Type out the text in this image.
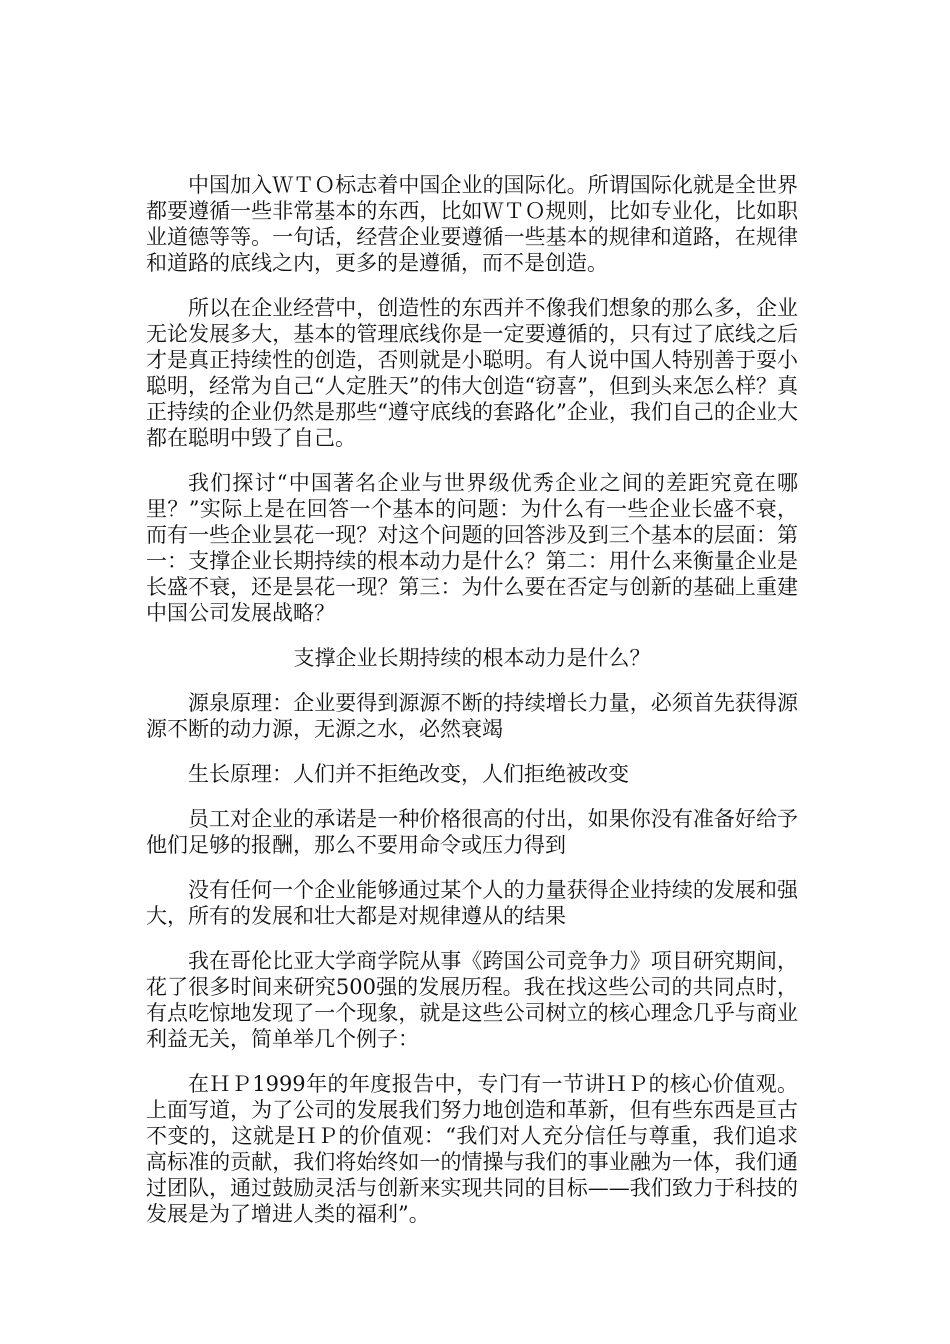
中国加入ＷＴＯ标志着中国企业的国际化。所谓国际化就是全世界都要遵循一些非常基本的东西，比如ＷＴＯ规则，比如专业化，比如职业道德等等。一句话，经营企业要遵循一些基本的规律和道路，在规律和道路的底线之内，更多的是遵循，而不是创造。

所以在企业经营中，创造性的东西并不像我们想象的那么多，企业无论发展多大，基本的管理底线你是一定要遵循的，只有过了底线之后才是真正持续性的创造，否则就是小聪明。有人说中国人特别善于耍小聪明，经常为自己“人定胜天”的伟大创造“窃喜”，但到头来怎么样？真正持续的企业仍然是那些“遵守底线的套路化”企业，我们自己的企业大都在聪明中毁了自己。

我们探讨“中国著名企业与世界级优秀企业之间的差距究竟在哪里？”实际上是在回答一个基本的问题：为什么有一些企业长盛不衰，而有一些企业昙花一现？对这个问题的回答涉及到三个基本的层面：第一：支撑企业长期持续的根本动力是什么？第二：用什么来衡量企业是长盛不衰，还是昙花一现？第三：为什么要在否定与创新的基础上重建中国公司发展战略？

支撑企业长期持续的根本动力是什么？

源泉原理：企业要得到源源不断的持续增长力量，必须首先获得源源不断的动力源，无源之水，必然衰竭

生长原理：人们并不拒绝改变，人们拒绝被改变

员工对企业的承诺是一种价格很高的付出，如果你没有准备好给予他们足够的报酬，那么不要用命令或压力得到

没有任何一个企业能够通过某个人的力量获得企业持续的发展和强大，所有的发展和壮大都是对规律遵从的结果

我在哥伦比亚大学商学院从事《跨国公司竞争力》项目研究期间，花了很多时间来研究500强的发展历程。我在找这些公司的共同点时，有点吃惊地发现了一个现象，就是这些公司树立的核心理念几乎与商业利益无关，简单举几个例子：

在ＨＰ1999年的年度报告中，专门有一节讲ＨＰ的核心价值观。上面写道，为了公司的发展我们努力地创造和革新，但有些东西是亘古不变的，这就是ＨＰ的价值观：“我们对人充分信任与尊重，我们追求高标准的贡献，我们将始终如一的情操与我们的事业融为一体，我们通过团队，通过鼓励灵活与创新来实现共同的目标——我们致力于科技的发展是为了增进人类的福利”。
